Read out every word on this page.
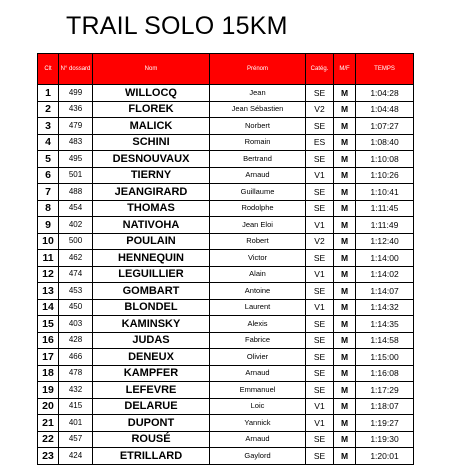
TRAIL SOLO 15KM
Clt	N° dossard	Nom	Prénom	Catég.	M/F	TEMPS
1	499	WILLOCQ	Jean	SE	M	1:04:28
2	436	FLOREK	Jean Sébastien	V2	M	1:04:48
3	479	MALICK	Norbert	SE	M	1:07:27
4	483	SCHINI	Romain	ES	M	1:08:40
5	495	DESNOUVAUX	Bertrand	SE	M	1:10:08
6	501	TIERNY	Arnaud	V1	M	1:10:26
7	488	JEANGIRARD	Guillaume	SE	M	1:10:41
8	454	THOMAS	Rodolphe	SE	M	1:11:45
9	402	NATIVOHA	Jean Eloi	V1	M	1:11:49
10	500	POULAIN	Robert	V2	M	1:12:40
11	462	HENNEQUIN	Victor	SE	M	1:14:00
12	474	LEGUILLIER	Alain	V1	M	1:14:02
13	453	GOMBART	Antoine	SE	M	1:14:07
14	450	BLONDEL	Laurent	V1	M	1:14:32
15	403	KAMINSKY	Alexis	SE	M	1:14:35
16	428	JUDAS	Fabrice	SE	M	1:14:58
17	466	DENEUX	Olivier	SE	M	1:15:00
18	478	KAMPFER	Arnaud	SE	M	1:16:08
19	432	LEFEVRE	Emmanuel	SE	M	1:17:29
20	415	DELARUE	Loic	V1	M	1:18:07
21	401	DUPONT	Yannick	V1	M	1:19:27
22	457	ROUSÉ	Arnaud	SE	M	1:19:30
23	424	ETRILLARD	Gaylord	SE	M	1:20:01
